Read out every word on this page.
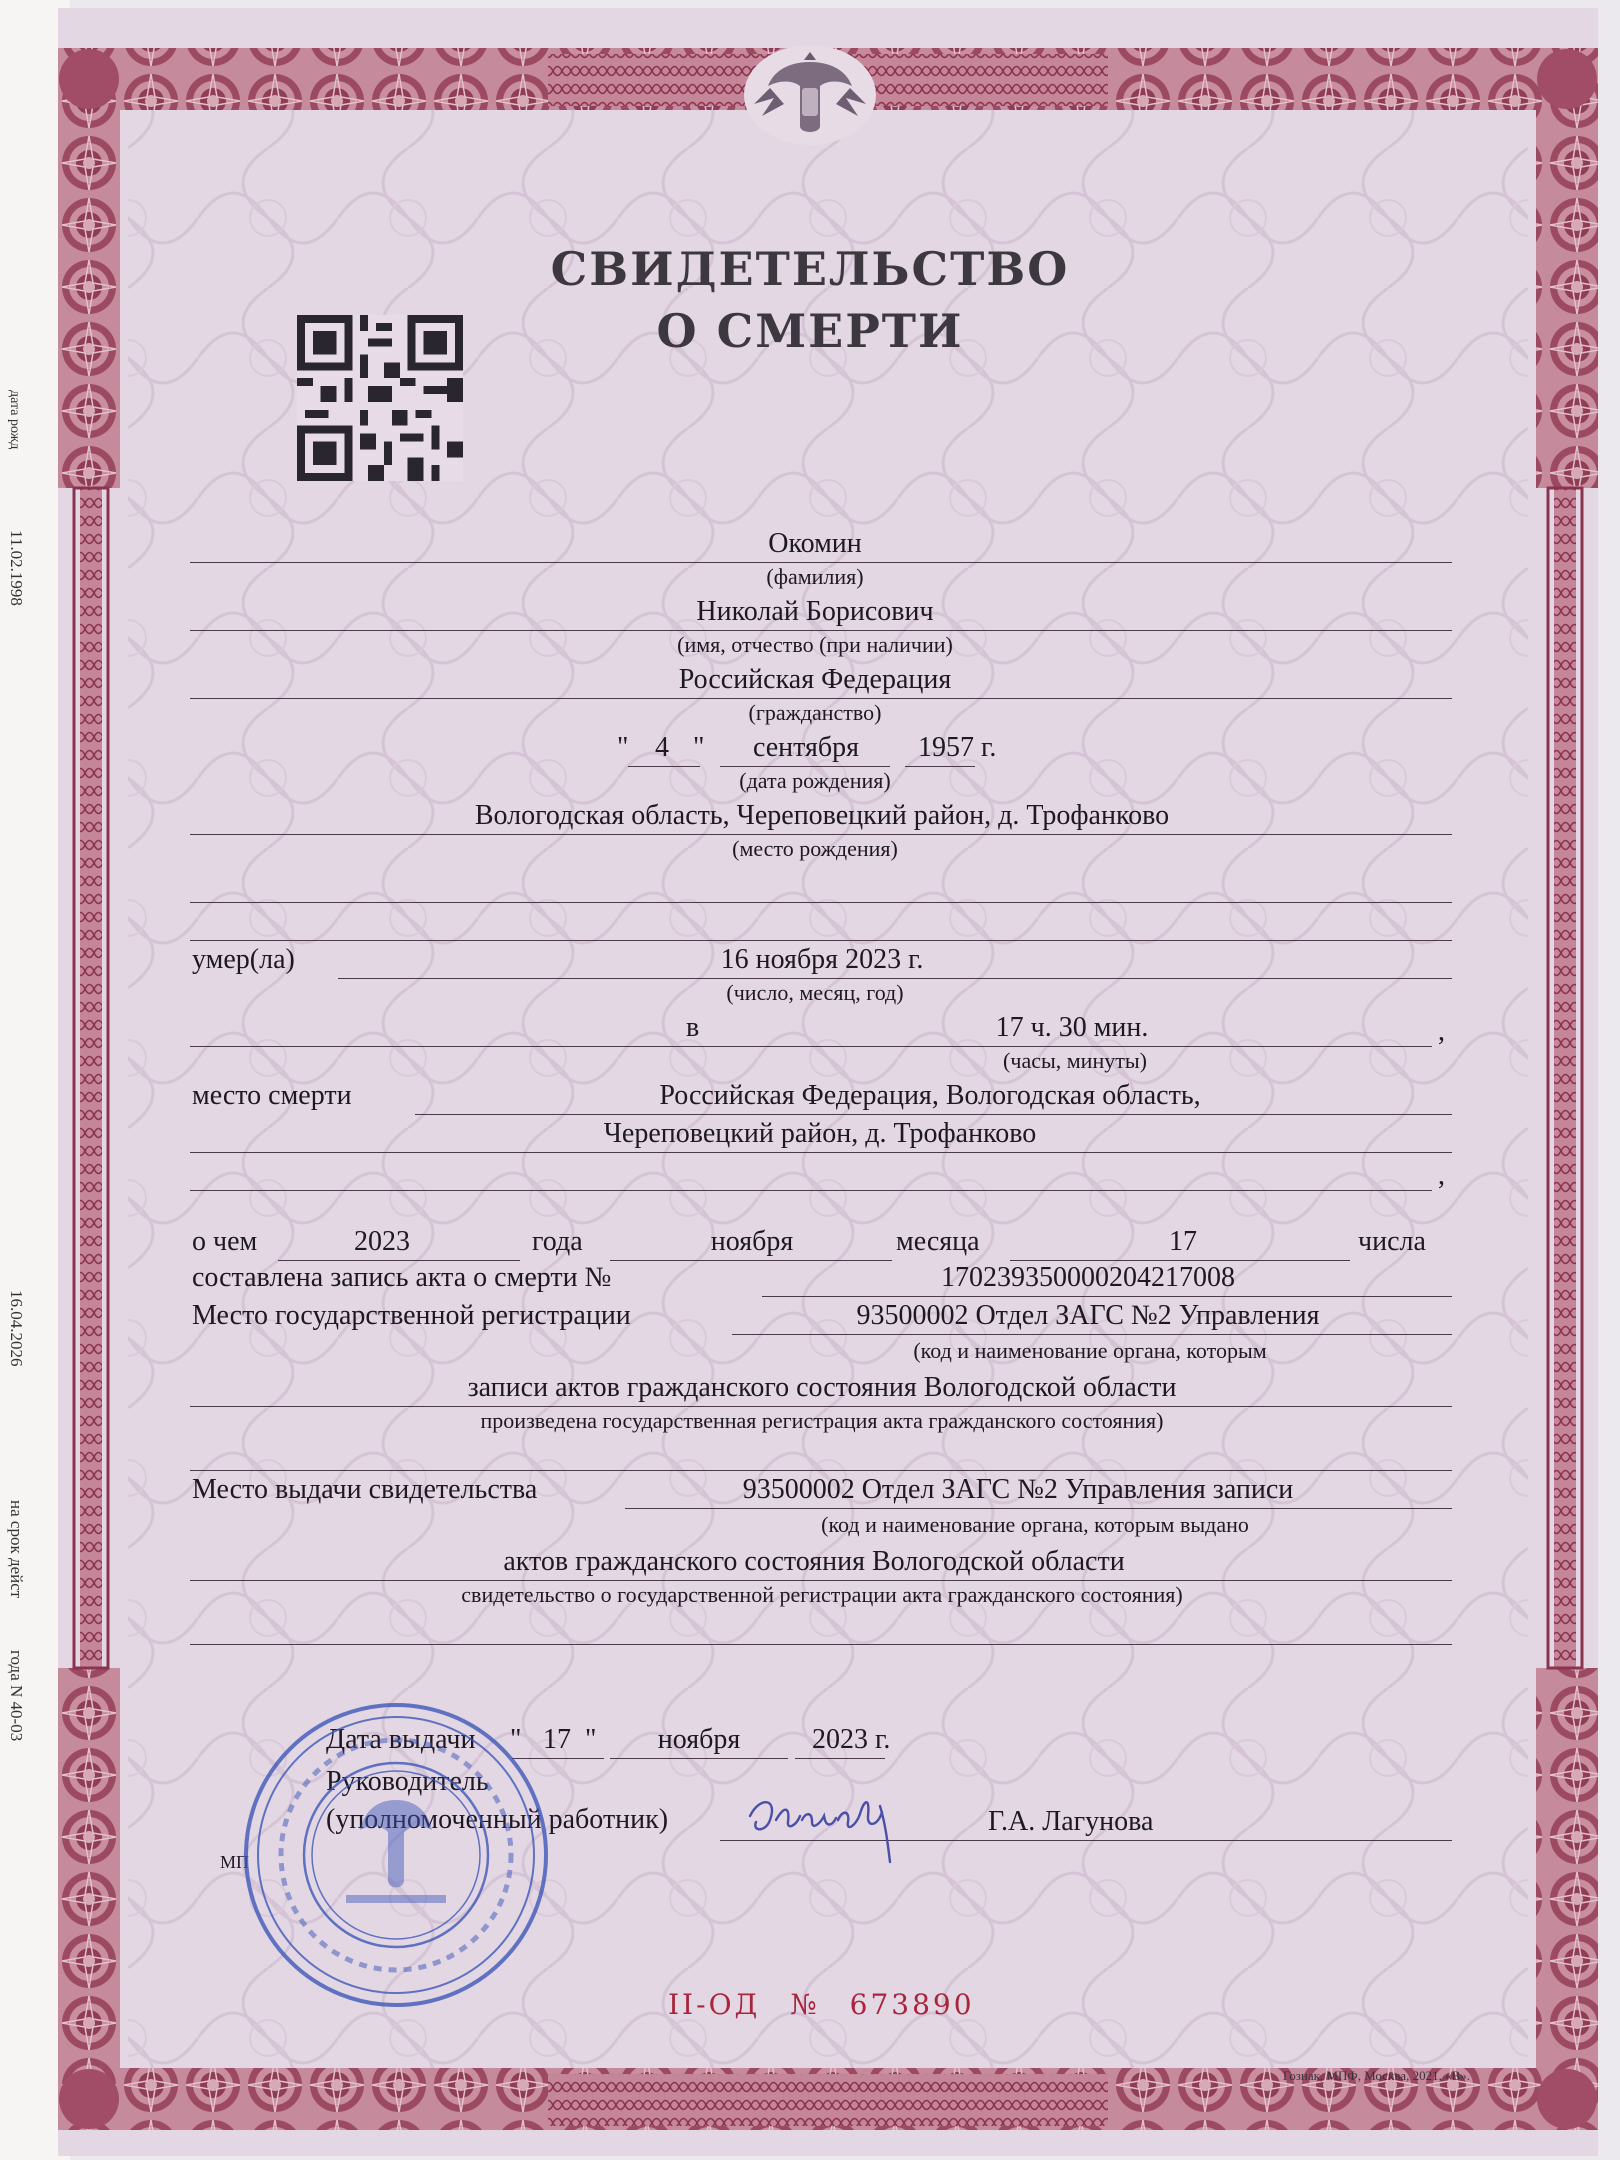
11.02.1998
дата рожд
16.04.2026
на срок дейст
года N 40-03
СВИДЕТЕЛЬСТВО
О СМЕРТИ
Окомин
(фамилия)
Николай Борисович
(имя, отчество (при наличии)
Российская Федерация
(гражданство)
" 4 " сентября 1957 г.
(дата рождения)
Вологодская область, Череповецкий район, д. Трофанково
(место рождения)
умер(ла)	16 ноября 2023 г.
(число, месяц, год)
в	17 ч. 30 мин.	,
(часы, минуты)
место смерти	Российская Федерация, Вологодская область,
Череповецкий район, д. Трофанково
,
о чем	2023	года	ноября	месяца	17	числа
составлена запись акта о смерти №	170239350000204217008
Место государственной регистрации	93500002 Отдел ЗАГС №2 Управления
(код и наименование органа, которым
записи актов гражданского состояния Вологодской области
произведена государственная регистрация акта гражданского состояния)
Место выдачи свидетельства	93500002 Отдел ЗАГС №2 Управления записи
(код и наименование органа, которым выдано
актов гражданского состояния Вологодской области
свидетельство о государственной регистрации акта гражданского состояния)
Дата выдачи " 17 " ноября	2023 г.
Руководитель
(уполномоченный работник)	Г.А. Лагунова
МП
II-ОД № 673890
Гознак, МПФ, Москва, 2021, «В».
